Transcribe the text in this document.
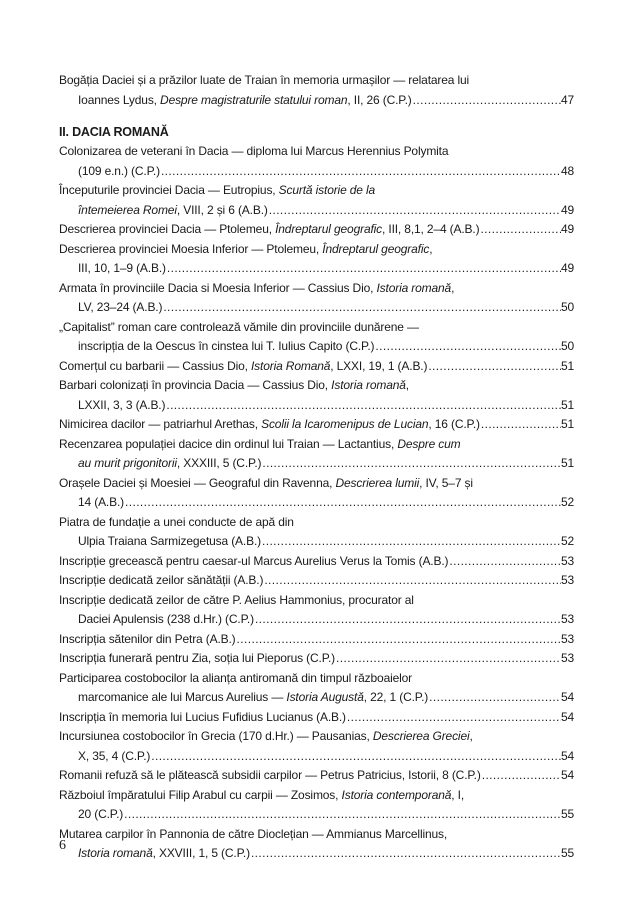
Bogăția Daciei și a prăzilor luate de Traian în memoria urmașilor — relatarea lui
Ioannes Lydus, Despre magistraturile statului roman, II, 26 (C.P.) .....	47
II. DACIA ROMANĂ
Colonizarea de veterani în Dacia — diploma lui Marcus Herennius Polymita
(109 e.n.) (C.P.) .....	48
Începuturile provinciei Dacia — Eutropius, Scurtă istorie de la
întemeierea Romei, VIII, 2 și 6 (A.B.) .....	49
Descrierea provinciei Dacia — Ptolemeu, Îndreptarul geografic, III, 8,1, 2–4 (A.B.) .....	49
Descrierea provinciei Moesia Inferior — Ptolemeu, Îndreptarul geografic,
III, 10, 1–9 (A.B.) .....	49
Armata în provinciile Dacia si Moesia Inferior — Cassius Dio, Istoria romană,
LV, 23–24 (A.B.) .....	50
„Capitalist” roman care controlează vămile din provinciile dunărene —
inscripția de la Oescus în cinstea lui T. Iulius Capito (C.P.) .....	50
Comerțul cu barbarii — Cassius Dio, Istoria Romană, LXXI, 19, 1 (A.B.) .....	51
Barbari colonizați în provincia Dacia — Cassius Dio, Istoria romană,
LXXII, 3, 3 (A.B.) .....	51
Nimicirea dacilor — patriarhul Arethas, Scolii la Icaromenipus de Lucian, 16 (C.P.) .....	51
Recenzarea populației dacice din ordinul lui Traian — Lactantius, Despre cum
au murit prigonitorii, XXXIII, 5 (C.P.) .....	51
Orașele Daciei și Moesiei — Geograful din Ravenna, Descrierea lumii, IV, 5–7 și
14 (A.B.) .....	52
Piatra de fundație a unei conducte de apă din
Ulpia Traiana Sarmizegetusa (A.B.) .....	52
Inscripție grecească pentru caesar-ul Marcus Aurelius Verus la Tomis (A.B.) .....	53
Inscripție dedicată zeilor sănătății (A.B.) .....	53
Inscripție dedicată zeilor de către P. Aelius Hammonius, procurator al
Daciei Apulensis (238 d.Hr.) (C.P.) .....	53
Inscripția sătenilor din Petra (A.B.) .....	53
Inscripția funerară pentru Zia, soția lui Pieporus (C.P.) .....	53
Participarea costobocilor la alianța antiromană din timpul războaielor
marcomanice ale lui Marcus Aurelius — Istoria Augustă, 22, 1 (C.P.) .....	54
Inscripția în memoria lui Lucius Fufidius Lucianus (A.B.) .....	54
Incursiunea costobocilor în Grecia (170 d.Hr.) — Pausanias, Descrierea Greciei,
X, 35, 4 (C.P.) .....	54
Romanii refuză să le plătească subsidii carpilor — Petrus Patricius, Istorii, 8 (C.P.) .....	54
Războiul împăratului Filip Arabul cu carpii — Zosimos, Istoria contemporană, I,
20 (C.P.) .....	55
Mutarea carpilor în Pannonia de către Dioclețian — Ammianus Marcellinus,
Istoria romană, XXVIII, 1, 5 (C.P.) .....	55
6
